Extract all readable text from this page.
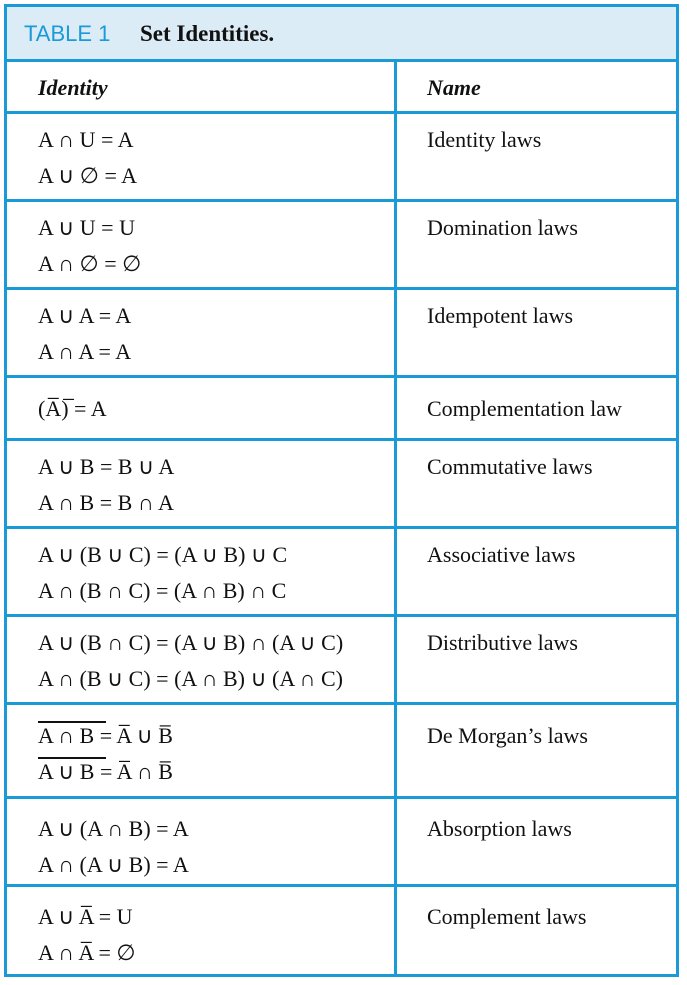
TABLE 1 Set Identities.
Identity	Name
A ∩ U = A
A ∪ ∅ = A
Identity laws
A ∪ U = U
A ∩ ∅ = ∅
Domination laws
A ∪ A = A
A ∩ A = A
Idempotent laws
(A̅)̅ = A	Complementation law
A ∪ B = B ∪ A
A ∩ B = B ∩ A
Commutative laws
A ∪ (B ∪ C) = (A ∪ B) ∪ C
A ∩ (B ∩ C) = (A ∩ B) ∩ C
Associative laws
A ∪ (B ∩ C) = (A ∪ B) ∩ (A ∪ C)
A ∩ (B ∪ C) = (A ∩ B) ∪ (A ∩ C)
Distributive laws
A ∩ B = A̅ ∪ B̅
A ∪ B = A̅ ∩ B̅
De Morgan’s laws
A ∪ (A ∩ B) = A
A ∩ (A ∪ B) = A
Absorption laws
A ∪ A̅ = U
A ∩ A̅ = ∅
Complement laws
